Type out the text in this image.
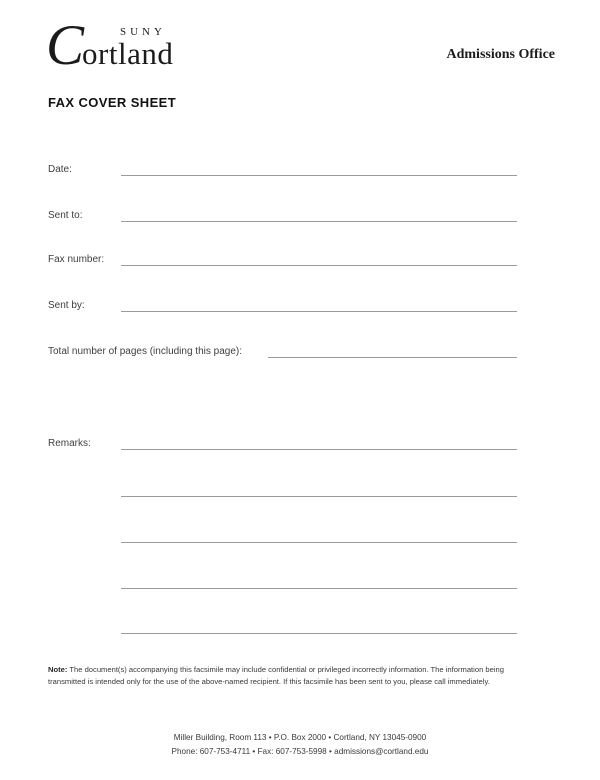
SUNY
Cortland	Admissions Office
FAX COVER SHEET
Date:
Sent to:
Fax number:
Sent by:
Total number of pages (including this page):
Remarks:

Note: The document(s) accompanying this facsimile may include confidential or privileged incorrectly information. The information being
transmitted is intended only for the use of the above-named recipient. If this facsimile has been sent to you, please call immediately.

Miller Building, Room 113 • P.O. Box 2000 • Cortland, NY 13045-0900
Phone: 607-753-4711 • Fax: 607-753-5998 • admissions@cortland.edu
